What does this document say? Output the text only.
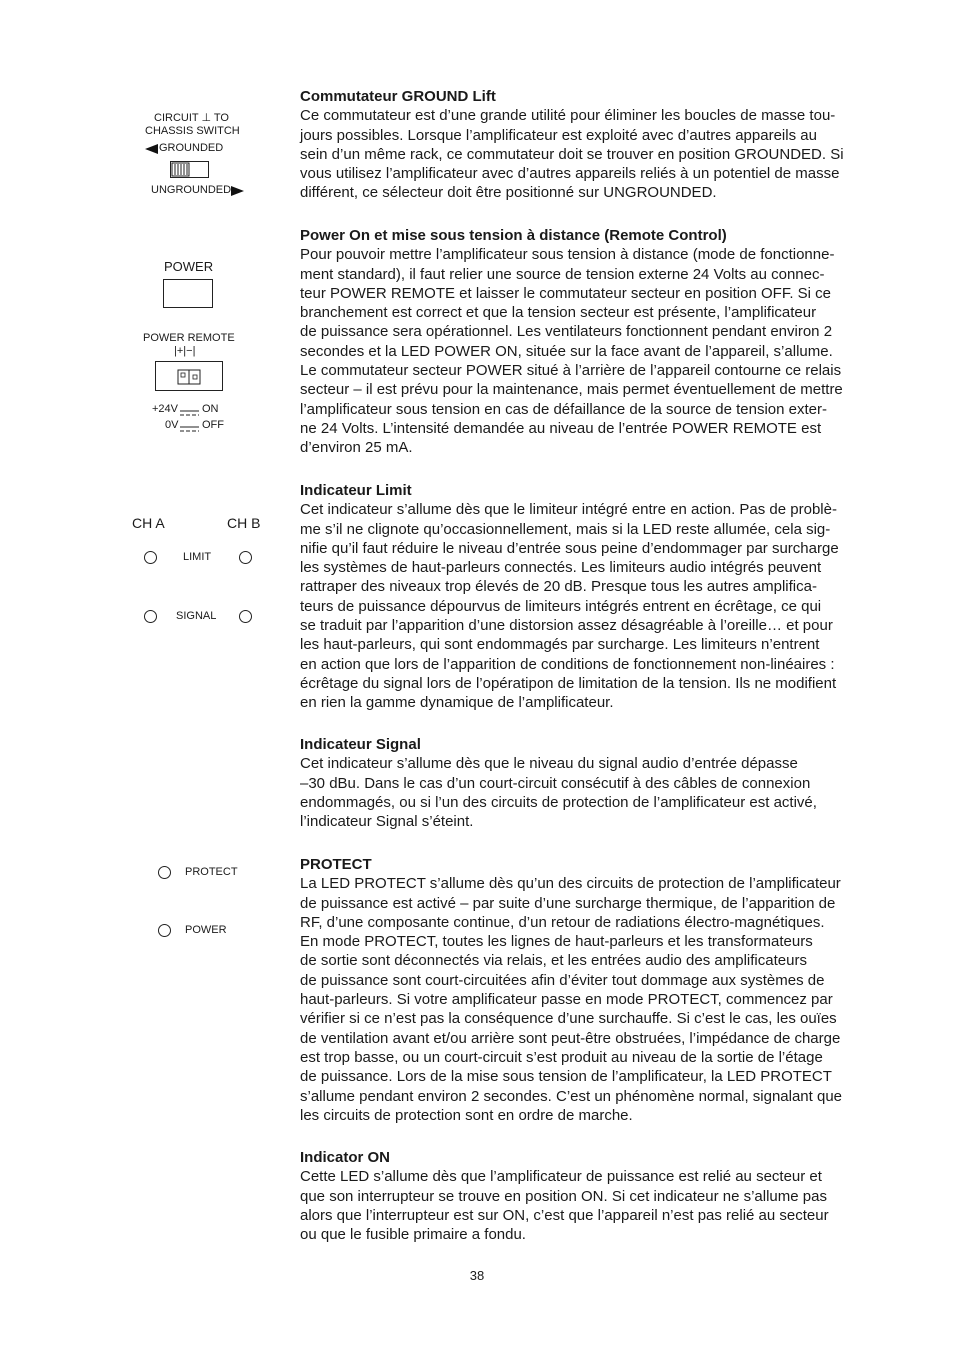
CIRCUIT ⊥ TO
CHASSIS SWITCH
GROUNDED
UNGROUNDED
POWER
POWER REMOTE
|+|−|
+24V ON
0V OFF
CH A	CH B
LIMIT
SIGNAL
PROTECT
POWER
Commutateur GROUND Lift

Ce commutateur est d’une grande utilité pour éliminer les boucles de masse tou-
jours possibles. Lorsque l’amplificateur est exploité avec d’autres appareils au
sein d’un même rack, ce commutateur doit se trouver en position GROUNDED. Si
vous utilisez l’amplificateur avec d’autres appareils reliés à un potentiel de masse
différent, ce sélecteur doit être positionné sur UNGROUNDED.

Power On et mise sous tension à distance (Remote Control)

Pour pouvoir mettre l’amplificateur sous tension à distance (mode de fonctionne-
ment standard), il faut relier une source de tension externe 24 Volts au connec-
teur POWER REMOTE et laisser le commutateur secteur en position OFF. Si ce
branchement est correct et que la tension secteur est présente, l’amplificateur
de puissance sera opérationnel. Les ventilateurs fonctionnent pendant environ 2
secondes et la LED POWER ON, située sur la face avant de l’appareil, s’allume.
Le commutateur secteur POWER situé à l’arrière de l’appareil contourne ce relais
secteur – il est prévu pour la maintenance, mais permet éventuellement de mettre
l’amplificateur sous tension en cas de défaillance de la source de tension exter-
ne 24 Volts. L’intensité demandée au niveau de l’entrée POWER REMOTE est
d’environ 25 mA.

Indicateur Limit

Cet indicateur s’allume dès que le limiteur intégré entre en action. Pas de problè-
me s’il ne clignote qu’occasionnellement, mais si la LED reste allumée, cela sig-
nifie qu’il faut réduire le niveau d’entrée sous peine d’endommager par surcharge
les systèmes de haut-parleurs connectés. Les limiteurs audio intégrés peuvent
rattraper des niveaux trop élevés de 20 dB. Presque tous les autres amplifica-
teurs de puissance dépourvus de limiteurs intégrés entrent en écrêtage, ce qui
se traduit par l’apparition d’une distorsion assez désagréable à l’oreille… et pour
les haut-parleurs, qui sont endommagés par surcharge. Les limiteurs n’entrent
en action que lors de l’apparition de conditions de fonctionnement non-linéaires :
écrêtage du signal lors de l’opératipon de limitation de la tension. Ils ne modifient
en rien la gamme dynamique de l’amplificateur.

Indicateur Signal

Cet indicateur s’allume dès que le niveau du signal audio d’entrée dépasse
–30 dBu. Dans le cas d’un court-circuit consécutif à des câbles de connexion
endommagés, ou si l’un des circuits de protection de l’amplificateur est activé,
l’indicateur Signal s’éteint.

PROTECT

La LED PROTECT s’allume dès qu’un des circuits de protection de l’amplificateur
de puissance est activé – par suite d’une surcharge thermique, de l’apparition de
RF, d’une composante continue, d’un retour de radiations électro-magnétiques.
En mode PROTECT, toutes les lignes de haut-parleurs et les transformateurs
de sortie sont déconnectés via relais, et les entrées audio des amplificateurs
de puissance sont court-circuitées afin d’éviter tout dommage aux systèmes de
haut-parleurs. Si votre amplificateur passe en mode PROTECT, commencez par
vérifier si ce n’est pas la conséquence d’une surchauffe. Si c’est le cas, les ouïes
de ventilation avant et/ou arrière sont peut-être obstruées, l’impédance de charge
est trop basse, ou un court-circuit s’est produit au niveau de la sortie de l’étage
de puissance. Lors de la mise sous tension de l’amplificateur, la LED PROTECT
s’allume pendant environ 2 secondes. C’est un phénomène normal, signalant que
les circuits de protection sont en ordre de marche.

Indicator ON

Cette LED s’allume dès que l’amplificateur de puissance est relié au secteur et
que son interrupteur se trouve en position ON. Si cet indicateur ne s’allume pas
alors que l’interrupteur est sur ON, c’est que l’appareil n’est pas relié au secteur
ou que le fusible primaire a fondu.

38
